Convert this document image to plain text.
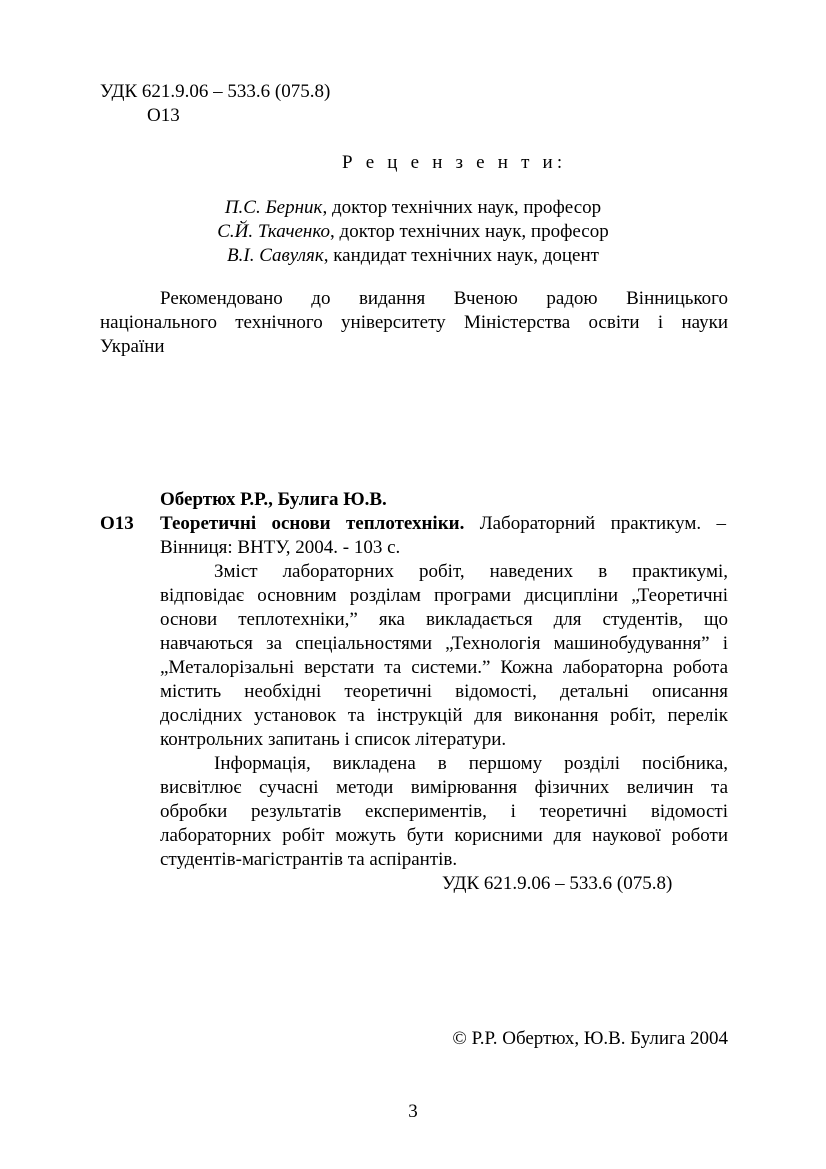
УДК 621.9.06 – 533.6 (075.8)
О13
Р е ц е н з е н т и:
П.С. Берник, доктор технічних наук, професор
С.Й. Ткаченко, доктор технічних наук, професор
В.І. Савуляк, кандидат технічних наук, доцент
Рекомендовано до видання Вченою радою Вінницького
національного технічного університету Міністерства освіти і науки
України
Обертюх Р.Р., Булига Ю.В.
О13 Теоретичні основи теплотехніки. Лабораторний практикум. –
Вінниця: ВНТУ, 2004. - 103 с.
Зміст лабораторних робіт, наведених в практикумі,
відповідає основним розділам програми дисципліни „Теоретичні
основи теплотехніки,” яка викладається для студентів, що
навчаються за спеціальностями „Технологія машинобудування” і
„Металорізальні верстати та системи.” Кожна лабораторна робота
містить необхідні теоретичні відомості, детальні описання
дослідних установок та інструкцій для виконання робіт, перелік
контрольних запитань і список літератури.
Інформація, викладена в першому розділі посібника,
висвітлює сучасні методи вимірювання фізичних величин та
обробки результатів експериментів, і теоретичні відомості
лабораторних робіт можуть бути корисними для наукової роботи
студентів-магістрантів та аспірантів.
УДК 621.9.06 – 533.6 (075.8)
© Р.Р. Обертюх, Ю.В. Булига 2004
3
